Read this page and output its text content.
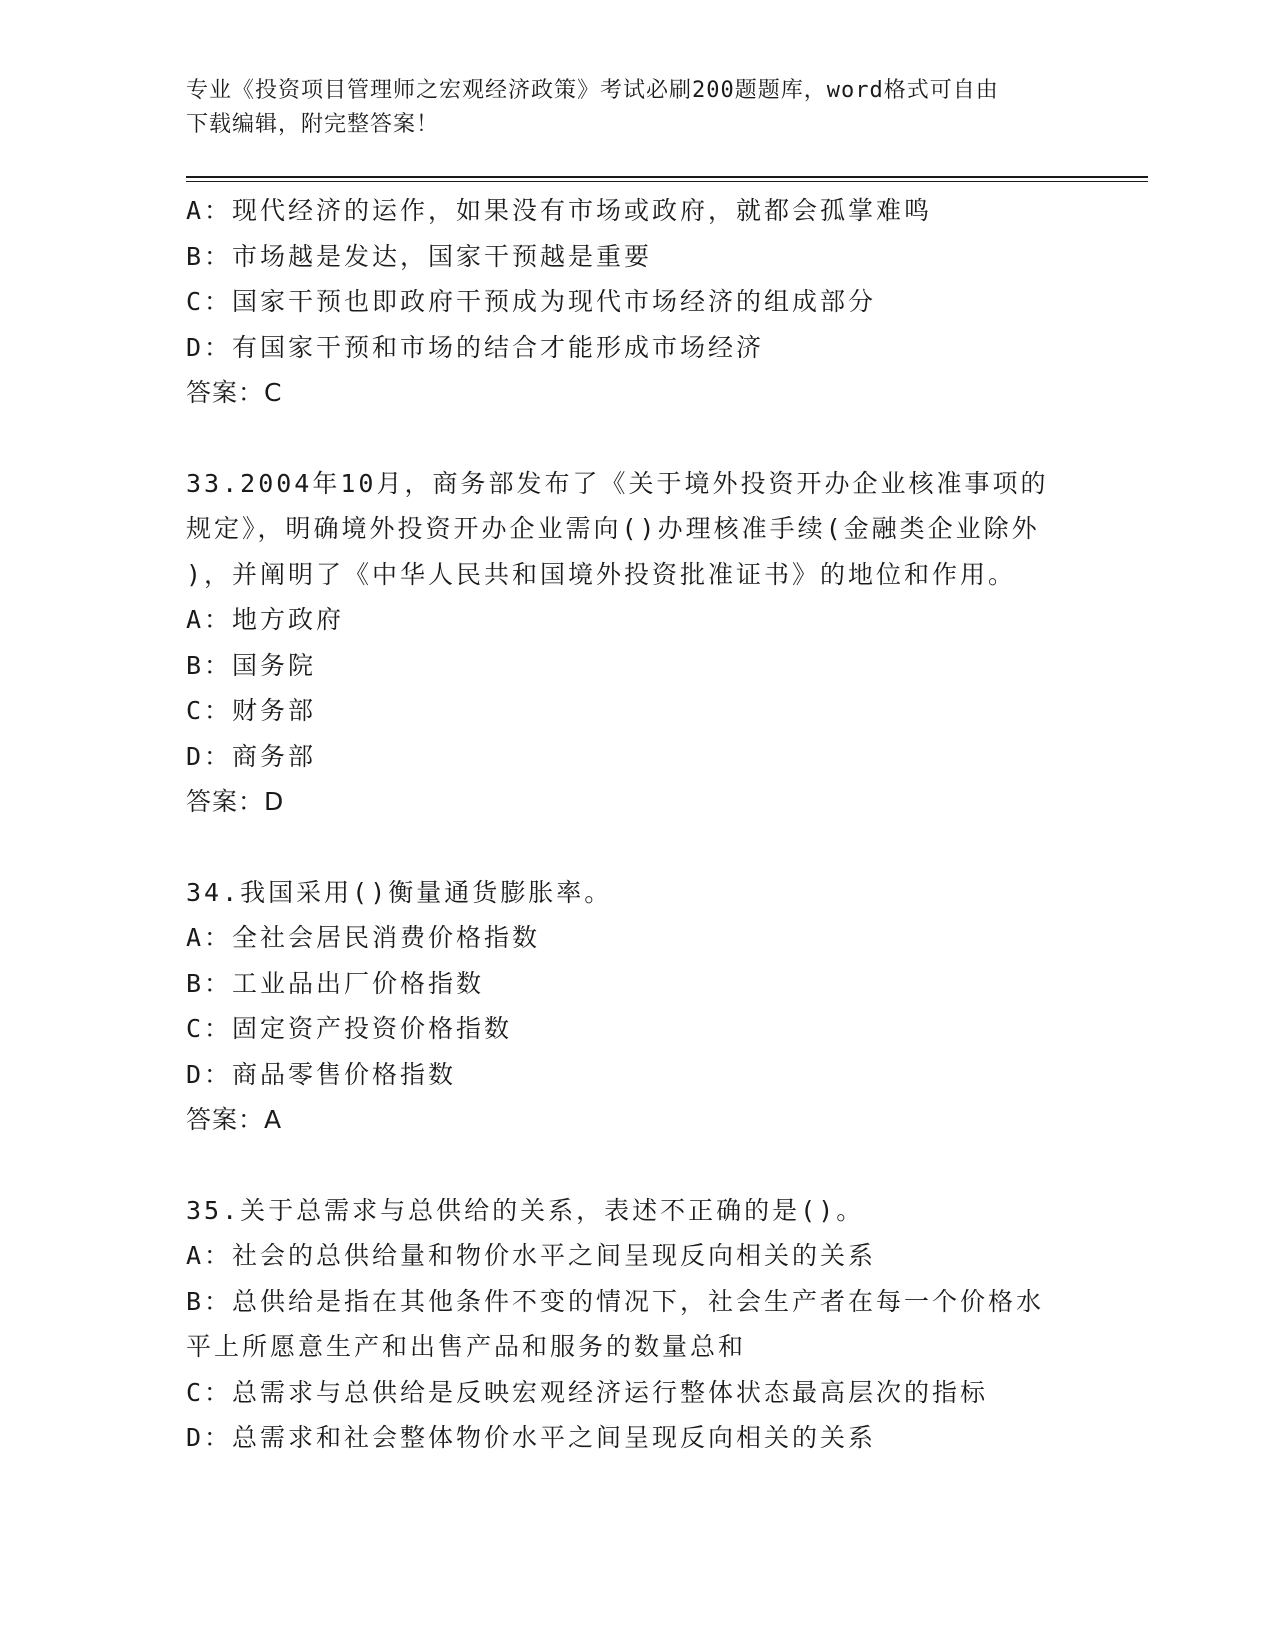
专业《投资项目管理师之宏观经济政策》考试必刷200题题库，word格式可自由
下载编辑，附完整答案！
A：现代经济的运作，如果没有市场或政府，就都会孤掌难鸣
B：市场越是发达，国家干预越是重要
C：国家干预也即政府干预成为现代市场经济的组成部分
D：有国家干预和市场的结合才能形成市场经济
答案：C
33.2004年10月，商务部发布了《关于境外投资开办企业核准事项的
规定》，明确境外投资开办企业需向()办理核准手续(金融类企业除外
)，并阐明了《中华人民共和国境外投资批准证书》的地位和作用。
A：地方政府
B：国务院
C：财务部
D：商务部
答案：D
34.我国采用()衡量通货膨胀率。
A：全社会居民消费价格指数
B：工业品出厂价格指数
C：固定资产投资价格指数
D：商品零售价格指数
答案：A
35.关于总需求与总供给的关系，表述不正确的是()。
A：社会的总供给量和物价水平之间呈现反向相关的关系
B：总供给是指在其他条件不变的情况下，社会生产者在每一个价格水
平上所愿意生产和出售产品和服务的数量总和
C：总需求与总供给是反映宏观经济运行整体状态最高层次的指标
D：总需求和社会整体物价水平之间呈现反向相关的关系
